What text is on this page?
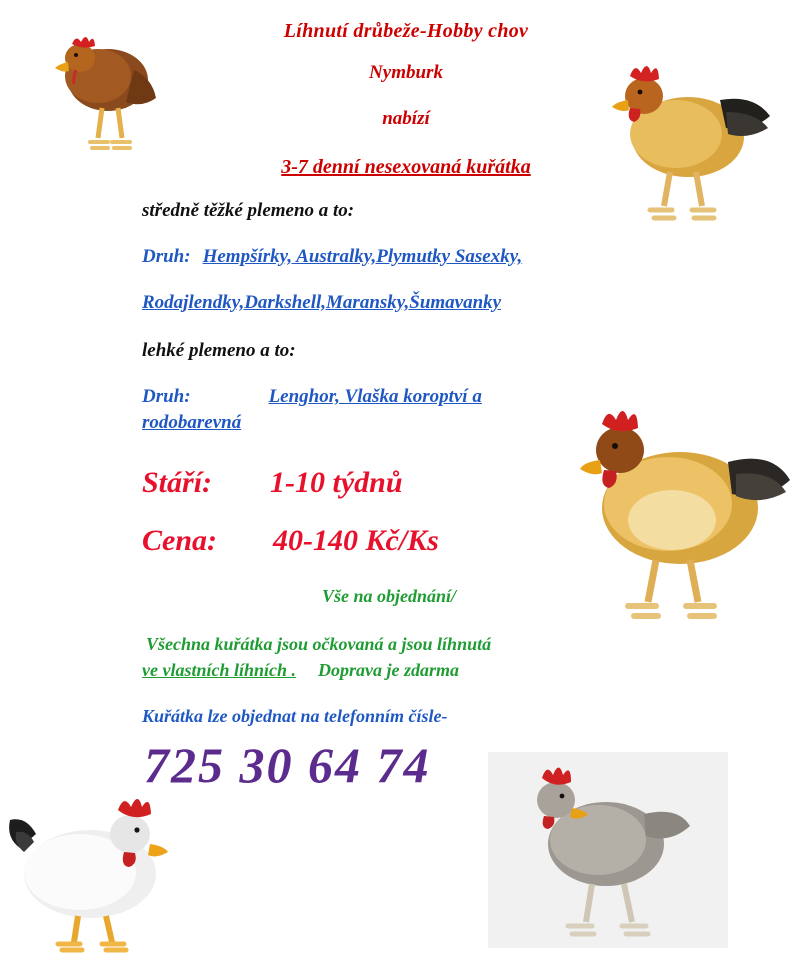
Líhnutí drůbeže-Hobby chov
Nymburk
nabízí
3-7 denní nesexovaná kuřátka
středně těžké plemeno a to:
Druh: Hempšírky, Australky,Plymutky Sasexky,
Rodajlendky,Darkshell,Maransky,Šumavanky
lehké plemeno a to:
Druh:	Lenghor, Vlaška koroptví a
rodobarevná
Stáří: 1-10 týdnů
Cena: 40-140 Kč/Ks
Vše na objednání/
Všechna kuřátka jsou očkovaná a jsou líhnutá
ve vlastních líhních . Doprava je zdarma
Kuřátka lze objednat na telefonním čísle-
725 30 64 74
